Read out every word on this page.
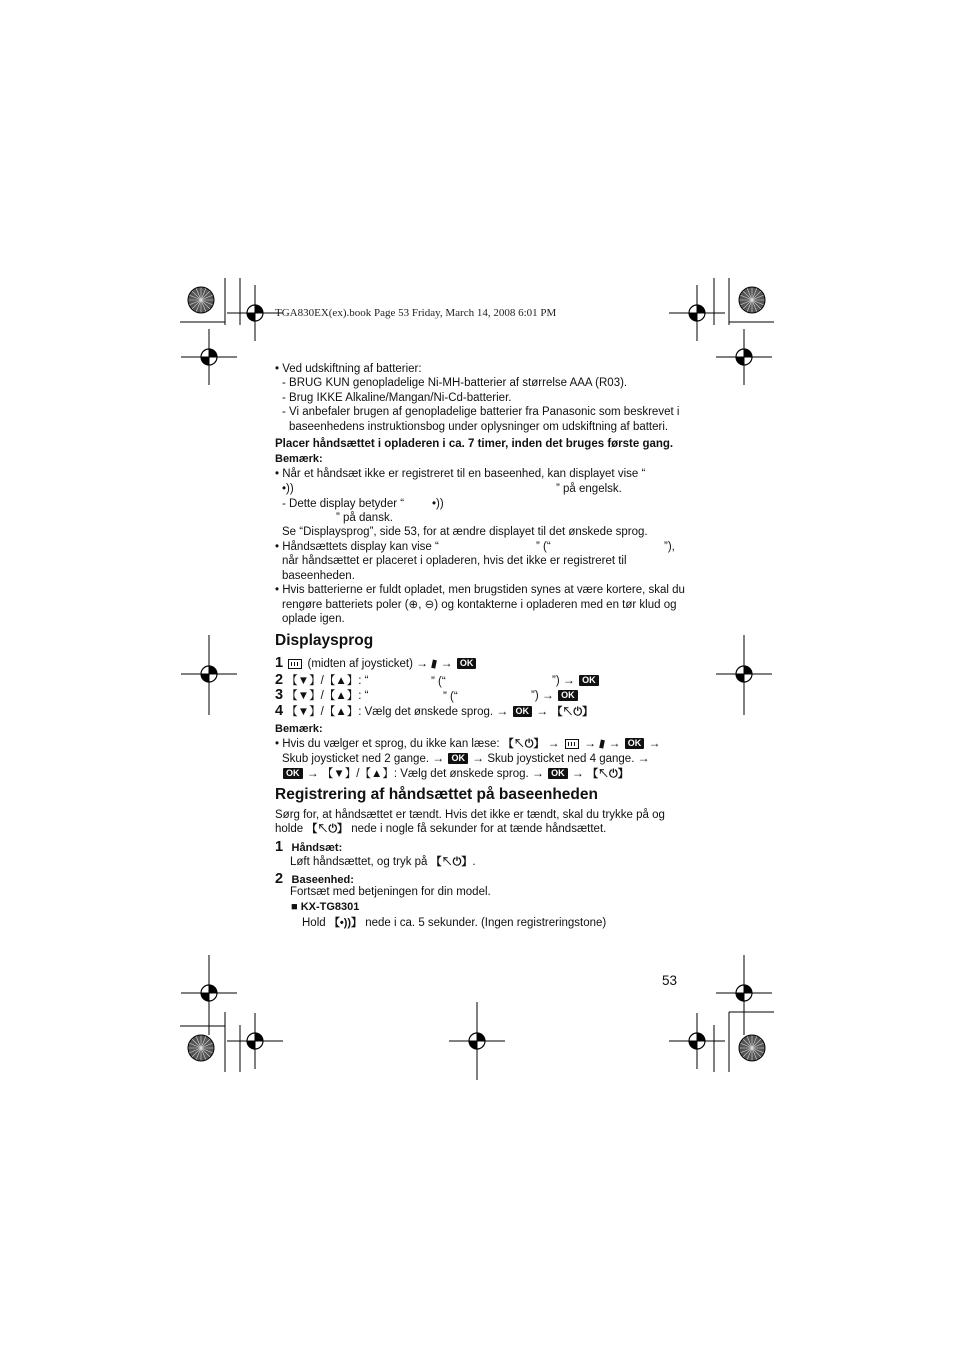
TGA830EX(ex).book Page 53 Friday, March 14, 2008 6:01 PM
• Ved udskiftning af batterier:
- BRUG KUN genopladelige Ni-MH-batterier af størrelse AAA (R03).
- Brug IKKE Alkaline/Mangan/Ni-Cd-batterier.
- Vi anbefaler brugen af genopladelige batterier fra Panasonic som beskrevet i
baseenhedens instruktionsbog under oplysninger om udskiftning af batteri.
Placer håndsættet i opladeren i ca. 7 timer, inden det bruges første gang.
Bemærk:
• Når et håndsæt ikke er registreret til en baseenhed, kan displayet vise “
•))	” på engelsk.
- Dette display betyder “ •))
” på dansk.
Se “Displaysprog”, side 53, for at ændre displayet til det ønskede sprog.
• Håndsættets display kan vise “	” (“	”),
når håndsættet er placeret i opladeren, hvis det ikke er registreret til
baseenheden.
• Hvis batterierne er fuldt opladet, men brugstiden synes at være kortere, skal du
rengøre batteriets poler (⊕, ⊖) og kontakterne i opladeren med en tør klud og
oplade igen.
Displaysprog
1 (midten af joysticket) → ▮ → OK
2 【▼】/【▲】: “	” (“	”) → OK
3 【▼】/【▲】: “	” (“	”) → OK
4 【▼】/【▲】: Vælg det ønskede sprog. → OK → 【↖⏻】
Bemærk:
• Hvis du vælger et sprog, du ikke kan læse: 【↖⏻】 → → ▮ → OK →
Skub joysticket ned 2 gange. → OK → Skub joysticket ned 4 gange. →
OK → 【▼】/【▲】: Vælg det ønskede sprog. → OK → 【↖⏻】
Registrering af håndsættet på baseenheden
Sørg for, at håndsættet er tændt. Hvis det ikke er tændt, skal du trykke på og
holde 【↖⏻】 nede i nogle få sekunder for at tænde håndsættet.
1 Håndsæt:
Løft håndsættet, og tryk på 【↖⏻】.
2 Baseenhed:
Fortsæt med betjeningen for din model.
■ KX-TG8301
Hold 【•))】 nede i ca. 5 sekunder. (Ingen registreringstone)
53
